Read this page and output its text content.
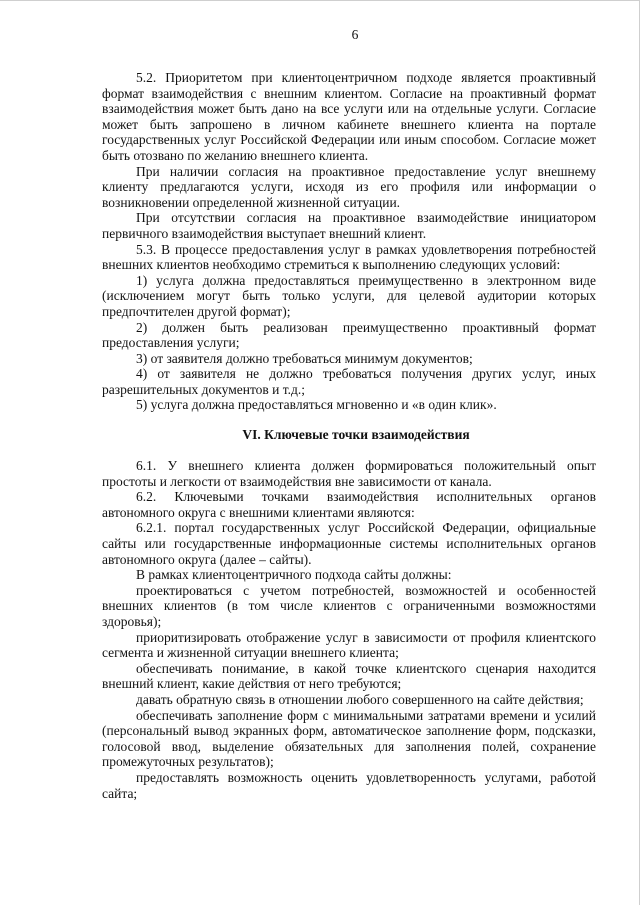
6

5.2. Приоритетом при клиентоцентричном подходе является проактивный формат взаимодействия с внешним клиентом. Согласие на проактивный формат взаимодействия может быть дано на все услуги или на отдельные услуги. Согласие может быть запрошено в личном кабинете внешнего клиента на портале государственных услуг Российской Федерации или иным способом. Согласие может быть отозвано по желанию внешнего клиента.

При наличии согласия на проактивное предоставление услуг внешнему клиенту предлагаются услуги, исходя из его профиля или информации о возникновении определенной жизненной ситуации.

При отсутствии согласия на проактивное взаимодействие инициатором первичного взаимодействия выступает внешний клиент.

5.3. В процессе предоставления услуг в рамках удовлетворения потребностей внешних клиентов необходимо стремиться к выполнению следующих условий:

1) услуга должна предоставляться преимущественно в электронном виде (исключением могут быть только услуги, для целевой аудитории которых предпочтителен другой формат);

2) должен быть реализован преимущественно проактивный формат предоставления услуги;

3) от заявителя должно требоваться минимум документов;

4) от заявителя не должно требоваться получения других услуг, иных разрешительных документов и т.д.;

5) услуга должна предоставляться мгновенно и «в один клик».

VI. Ключевые точки взаимодействия

6.1. У внешнего клиента должен формироваться положительный опыт простоты и легкости от взаимодействия вне зависимости от канала.

6.2. Ключевыми точками взаимодействия исполнительных органов автономного округа с внешними клиентами являются:

6.2.1. портал государственных услуг Российской Федерации, официальные сайты или государственные информационные системы исполнительных органов автономного округа (далее – сайты).

В рамках клиентоцентричного подхода сайты должны:

проектироваться с учетом потребностей, возможностей и особенностей внешних клиентов (в том числе клиентов с ограниченными возможностями здоровья);

приоритизировать отображение услуг в зависимости от профиля клиентского сегмента и жизненной ситуации внешнего клиента;

обеспечивать понимание, в какой точке клиентского сценария находится внешний клиент, какие действия от него требуются;

давать обратную связь в отношении любого совершенного на сайте действия;

обеспечивать заполнение форм с минимальными затратами времени и усилий (персональный вывод экранных форм, автоматическое заполнение форм, подсказки, голосовой ввод, выделение обязательных для заполнения полей, сохранение промежуточных результатов);

предоставлять возможность оценить удовлетворенность услугами, работой сайта;
